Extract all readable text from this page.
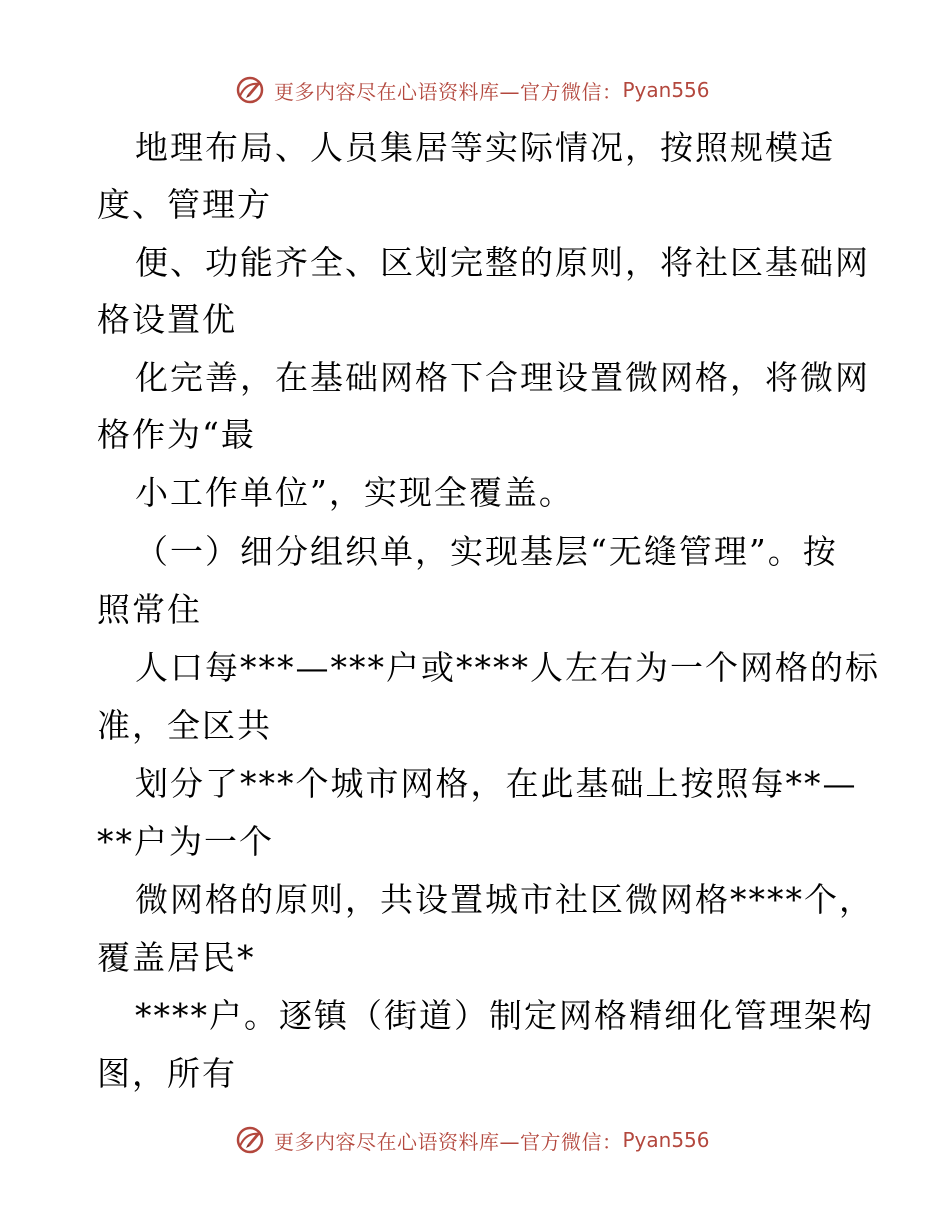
更多内容尽在心语资料库—官方微信： Pyan556
地理布局、人员集居等实际情况，按照规模适
度、管理方
便、功能齐全、区划完整的原则，将社区基础网
格设置优
化完善，在基础网格下合理设置微网格，将微网
格作为“最
小工作单位”，实现全覆盖。
（一）细分组织单，实现基层“无缝管理”。按
照常住
人口每***—***户或****人左右为一个网格的标
准，全区共
划分了***个城市网格，在此基础上按照每**—
**户为一个
微网格的原则，共设置城市社区微网格****个，
覆盖居民*
****户。逐镇（街道）制定网格精细化管理架构
图，所有
更多内容尽在心语资料库—官方微信： Pyan556
